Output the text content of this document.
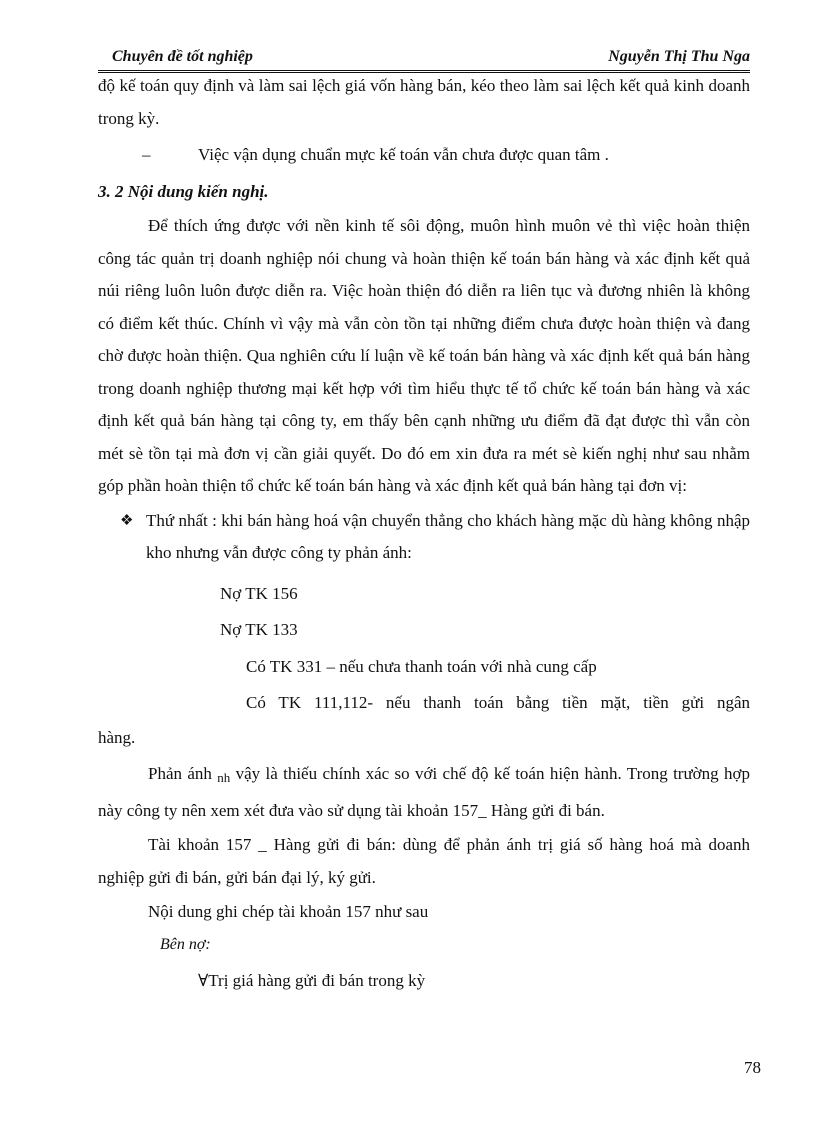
Chuyên đề tốt nghiệp	Nguyễn Thị Thu Nga

độ kế toán quy định và làm sai lệch giá vốn hàng bán, kéo theo làm sai lệch kết quả kinh doanh trong kỳ.

–	Việc vận dụng chuẩn mực kế toán vẫn chưa được quan tâm .

3. 2 Nội dung kiến nghị.

Để thích ứng được với nền kinh tế sôi động, muôn hình muôn vẻ thì việc hoàn thiện công tác quản trị doanh nghiệp nói chung và hoàn thiện kế toán bán hàng và xác định kết quả núi riêng luôn luôn được diễn ra. Việc hoàn thiện đó diễn ra liên tục và đương nhiên là không có điểm kết thúc. Chính vì vậy mà vẫn còn tồn tại những điểm chưa được hoàn thiện và đang chờ được hoàn thiện. Qua nghiên cứu lí luận về kế toán bán hàng và xác định kết quả bán hàng trong doanh nghiệp thương mại kết hợp với tìm hiểu thực tế tổ chức kế toán bán hàng và xác định kết quả bán hàng tại công ty, em thấy bên cạnh những ưu điểm đã đạt được thì vẫn còn mét sè tồn tại mà đơn vị cần giải quyết. Do đó em xin đưa ra mét sè kiến nghị như sau nhằm góp phần hoàn thiện tổ chức kế toán bán hàng và xác định kết quả bán hàng tại đơn vị:

❖ Thứ nhất : khi bán hàng hoá vận chuyển thẳng cho khách hàng mặc dù hàng không nhập kho nhưng vẫn được công ty phản ánh:

Nợ TK 156

Nợ TK 133

Có TK 331 – nếu chưa thanh toán với nhà cung cấp

Có TK 111,112- nếu thanh toán bằng tiền mặt, tiền gửi ngân

hàng.

Phản ánh nh vậy là thiếu chính xác so với chế độ kế toán hiện hành. Trong trường hợp này công ty nên xem xét đưa vào sử dụng tài khoản 157_ Hàng gửi đi bán.

Tài khoản 157 _ Hàng gửi đi bán: dùng để phản ánh trị giá số hàng hoá mà doanh nghiệp gửi đi bán, gửi bán đại lý, ký gửi.

Nội dung ghi chép tài khoản 157 như sau

Bên nợ:

∀Trị giá hàng gửi đi bán trong kỳ

78
